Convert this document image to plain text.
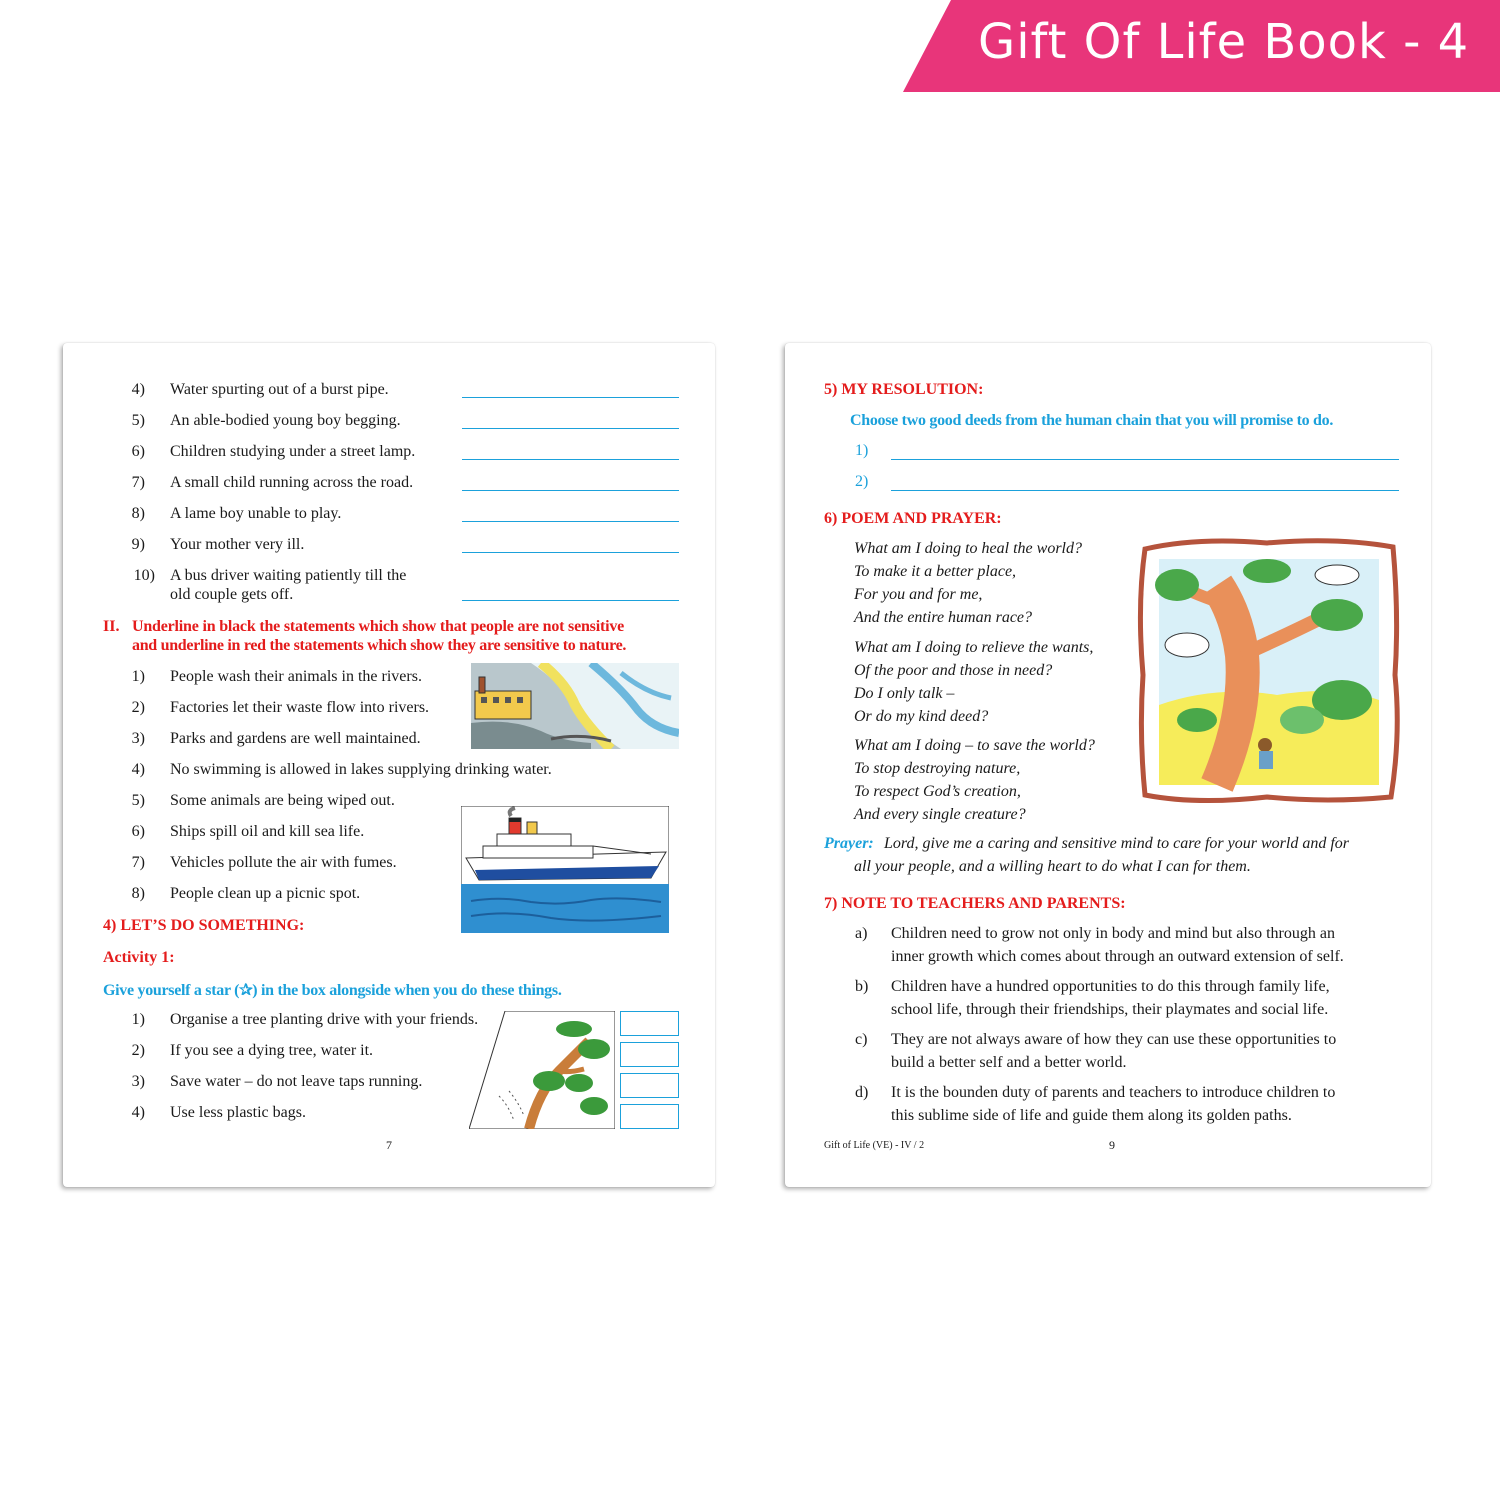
Gift Of Life Book - 4
4) Water spurting out of a burst pipe.
5) An able-bodied young boy begging.
6) Children studying under a street lamp.
7) A small child running across the road.
8) A lame boy unable to play.
9) Your mother very ill.
10) A bus driver waiting patiently till the
old couple gets off.
II. Underline in black the statements which show that people are not sensitive
and underline in red the statements which show they are sensitive to nature.
1) People wash their animals in the rivers.
2) Factories let their waste flow into rivers.
3) Parks and gardens are well maintained.
4) No swimming is allowed in lakes supplying drinking water.
5) Some animals are being wiped out.
6) Ships spill oil and kill sea life.
7) Vehicles pollute the air with fumes.
8) People clean up a picnic spot.
4) LET’S DO SOMETHING:
Activity 1:
Give yourself a star (✰) in the box alongside when you do these things.
1) Organise a tree planting drive with your friends.
2) If you see a dying tree, water it.
3) Save water – do not leave taps running.
4) Use less plastic bags.
7
5) MY RESOLUTION:
Choose two good deeds from the human chain that you will promise to do.
1)
2)
6) POEM AND PRAYER:
What am I doing to heal the world?
To make it a better place,
For you and for me,
And the entire human race?
What am I doing to relieve the wants,
Of the poor and those in need?
Do I only talk –
Or do my kind deed?
What am I doing – to save the world?
To stop destroying nature,
To respect God’s creation,
And every single creature?
Prayer: Lord, give me a caring and sensitive mind to care for your world and for
all your people, and a willing heart to do what I can for them.
7) NOTE TO TEACHERS AND PARENTS:
a) Children need to grow not only in body and mind but also through an
inner growth which comes about through an outward extension of self.
b) Children have a hundred opportunities to do this through family life,
school life, through their friendships, their playmates and social life.
c) They are not always aware of how they can use these opportunities to
build a better self and a better world.
d) It is the bounden duty of parents and teachers to introduce children to
this sublime side of life and guide them along its golden paths.
Gift of Life (VE) - IV / 2	9
